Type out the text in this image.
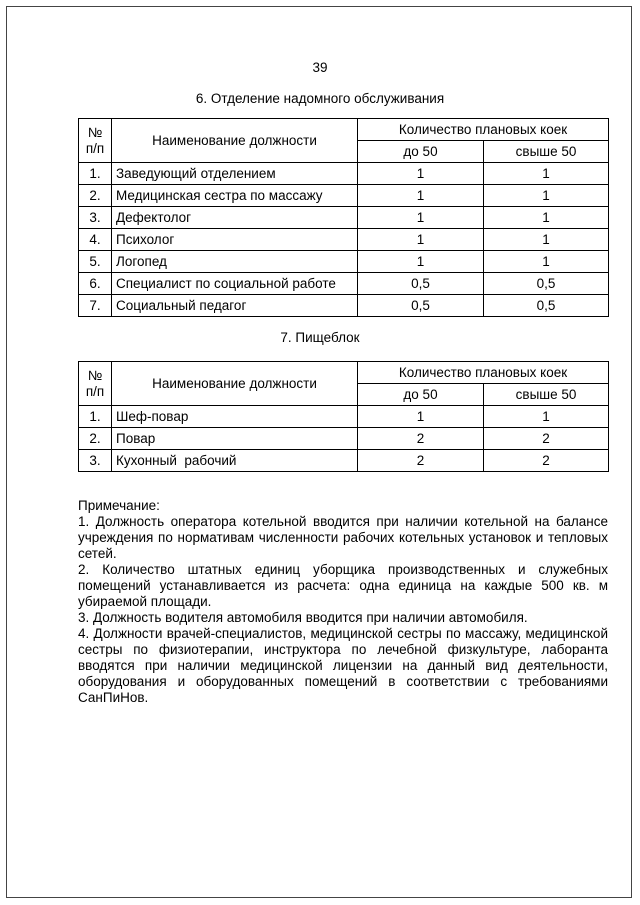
39
6. Отделение надомного обслуживания
№ п/п	Наименование должности	Количество плановых коек	
		до 50	свыше 50
1.	Заведующий отделением	1	1
2.	Медицинская сестра по массажу	1	1
3.	Дефектолог	1	1
4.	Психолог	1	1
5.	Логопед	1	1
6.	Специалист по социальной работе	0,5	0,5
7.	Социальный педагог	0,5	0,5
7. Пищеблок
№ п/п	Наименование должности	Количество плановых коек	
		до 50	свыше 50
1.	Шеф-повар	1	1
2.	Повар	2	2
3.	Кухонный  рабочий	2	2

Примечание:

1. Должность оператора котельной вводится при наличии котельной на балансе учреждения по нормативам численности рабочих котельных установок и тепловых сетей.

2. Количество штатных единиц уборщика производственных и служебных помещений устанавливается из расчета: одна единица на каждые 500 кв. м убираемой площади.

3. Должность водителя автомобиля вводится при наличии автомобиля.

4. Должности врачей-специалистов, медицинской сестры по массажу, медицинской сестры по физиотерапии, инструктора по лечебной физкультуре, лаборанта вводятся при наличии медицинской лицензии на данный вид деятельности, оборудования и оборудованных помещений в соответствии с требованиями СанПиНов.
